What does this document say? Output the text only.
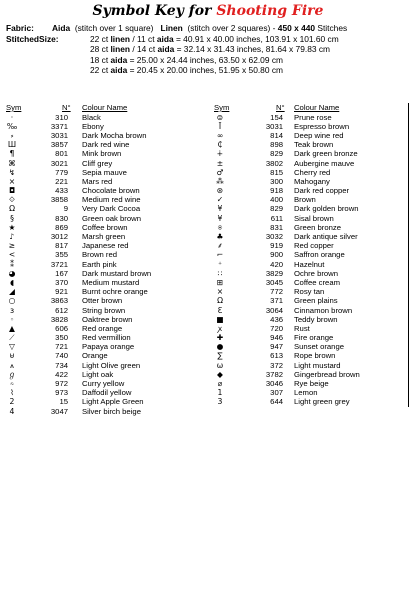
Symbol Key for Shooting Fire
Fabric: Aida (stitch over 1 square) Linen (stitch over 2 squares) - 450 x 440 Stitches
StitchedSize:	22 ct linen / 11 ct aida = 40.91 x 40.00 inches, 103.91 x 101.60 cm
28 ct linen / 14 ct aida = 32.14 x 31.43 inches, 81.64 x 79.83 cm
18 ct aida = 25.00 x 24.44 inches, 63.50 x 62.09 cm
22 ct aida = 20.45 x 20.00 inches, 51.95 x 50.80 cm
Sym	N° Colour Name
·	310 Black
‰	3371 Ebony
⸗	3031 Dark Mocha brown
Ш	3857 Dark red wine
¶	801 Mink brown
⌘	3021 Cliff grey
↯	779 Sepia mauve
×	221 Mars red
◘	433 Chocolate brown
⟐	3858 Medium red wine
Ω	9 Very Dark Cocoa
§	830 Green oak brown
★	869 Coffee brown
♪	3012 Marsh green
≥	817 Japanese red
<	355 Brown red
⁑	3721 Earth pink
◕	167 Dark mustard brown
◖	370 Medium mustard
◢	921 Burnt ochre orange
○	3863 Otter brown
ɜ	612 String brown
◦	3828 Oaktree brown
▲	606 Red orange
⟋	350 Red vermillion
▽	721 Papaya orange
⊎	740 Orange
⩚	734 Light Olive green
ℊ	422 Light oak
⍨	972 Curry yellow
⌇	973 Daffodil yellow
2	15 Light Apple Green
4	3047 Silver birch beige
Sym	N° Colour Name
⊜	154 Prune rose
Ī	3031 Espresso brown
∞	814 Deep wine red
₵	898 Teak brown
∔	829 Dark green bronze
±	3802 Aubergine mauve
♂	815 Cherry red
⁂	300 Mahogany
⊛	918 Dark red copper
✓	400 Brown
¥	829 Dark golden brown
¥	611 Sisal brown
⍟	831 Green bronze
♣	3032 Dark antique silver
⸙	919 Red copper
⌐	900 Saffron orange
⁺	420 Hazelnut
∷	3829 Ochre brown
⊞	3045 Coffee cream
×	772 Rosy tan
Ω	371 Green plains
Ɛ	3064 Cinnamon brown
■	436 Teddy brown
ꭗ	720 Rust
✚	946 Fire orange
●	947 Sunset orange
∑	613 Rope brown
ω	372 Light mustard
◆	3782 Gingerbread brown
⌀	3046 Rye beige
1	307 Lemon
3	644 Light green grey
